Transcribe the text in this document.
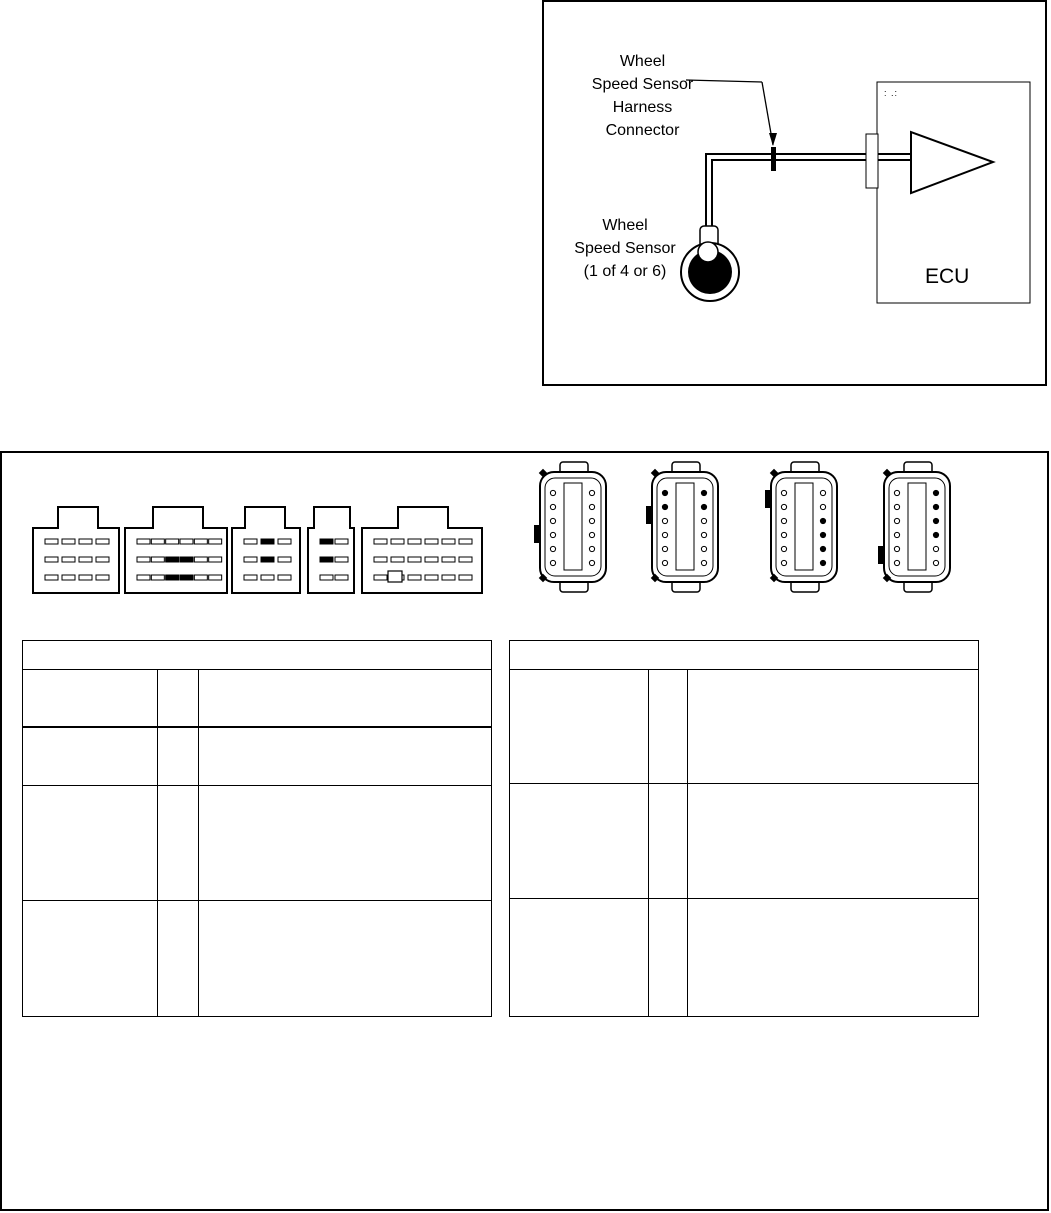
Wheel
Speed Sensor
Harness
Connector
Wheel
Speed Sensor
(1 of 4 or 6)
: .:
ECU
